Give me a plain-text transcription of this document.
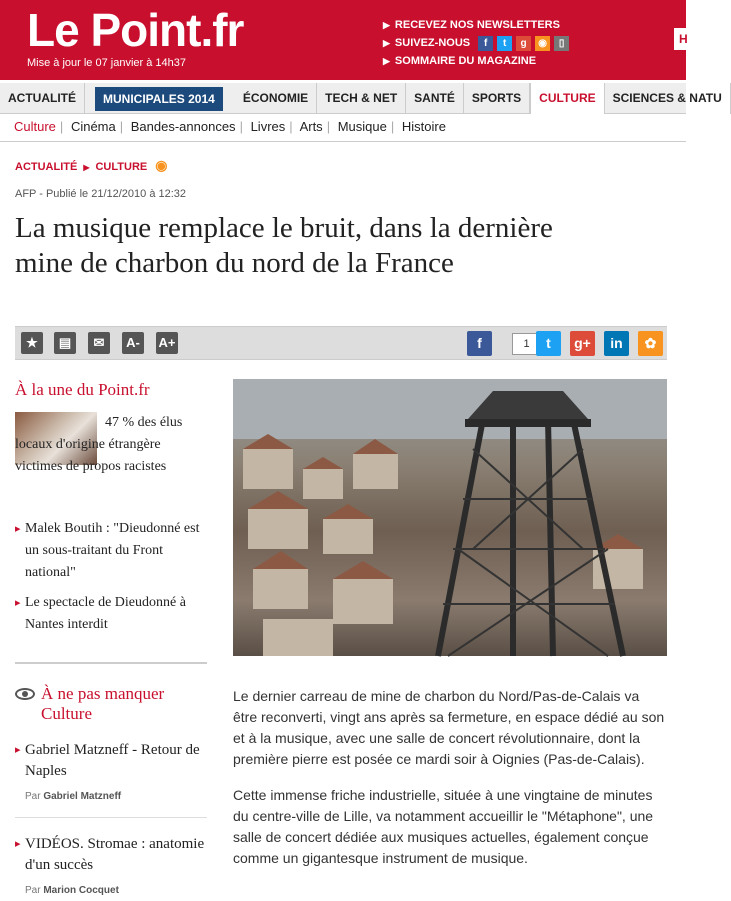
Le Point.fr
Mise à jour le 07 janvier à 14h37
▶ RECEVEZ NOS NEWSLETTERS
▶ SUIVEZ-NOUS	f	t	g	◉	▯
▶ SOMMAIRE DU MAGAZINE
H
ACTUALITÉ	MUNICIPALES 2014	ÉCONOMIE	TECH & NET	SANTÉ	SPORTS	CULTURE	SCIENCES & NATU
Culture | Cinéma | Bandes-annonces | Livres | Arts | Musique | Histoire
ACTUALITÉ ▶ CULTURE ◉
AFP - Publié le 21/12/2010 à 12:32
La musique remplace le bruit, dans la dernière mine de charbon du nord de la France
★	▤	✉	A-	A+	f	1	t	g+	in	✿
À la une du Point.fr
47 % des élus locaux d'origine étrangère victimes de propos racistes
▸ Malek Boutih : "Dieudonné est un sous-traitant du Front national"
▸ Le spectacle de Dieudonné à Nantes interdit
À ne pas manquer Culture
▸ Gabriel Matzneff - Retour de Naples
Par Gabriel Matzneff
▸ VIDÉOS. Stromae : anatomie d'un succès
Par Marion Cocquet

Le dernier carreau de mine de charbon du Nord/Pas-de-Calais va être reconverti, vingt ans après sa fermeture, en espace dédié au son et à la musique, avec une salle de concert révolutionnaire, dont la première pierre est posée ce mardi soir à Oignies (Pas-de-Calais).

Cette immense friche industrielle, située à une vingtaine de minutes du centre-ville de Lille, va notamment accueillir le "Métaphone", une salle de concert dédiée aux musiques actuelles, également conçue comme un gigantesque instrument de musique.
